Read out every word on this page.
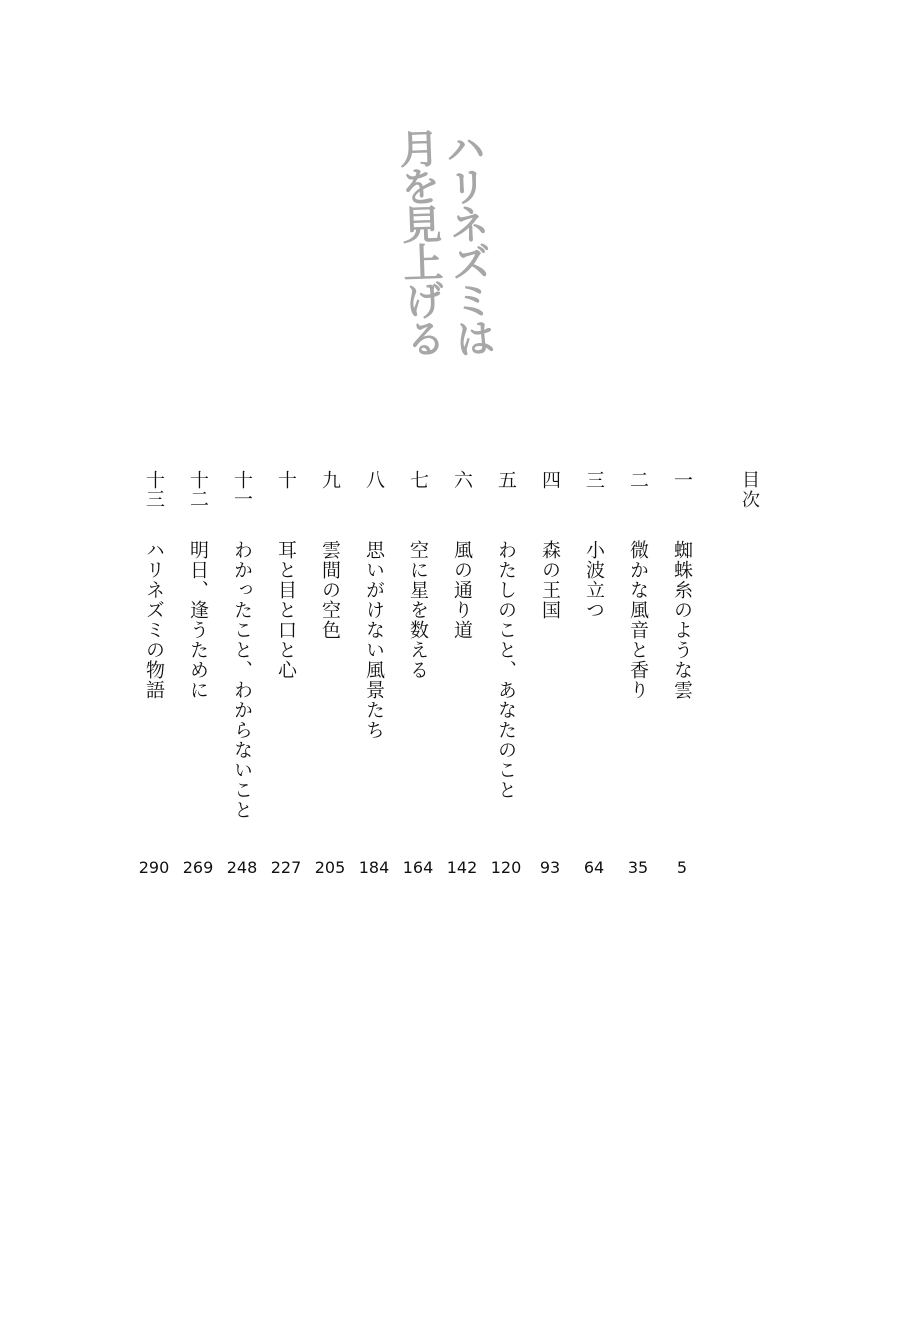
ハリネズミは
月を見上げる
目次
一
蜘蛛糸のような雲
5
二
微かな風音と香り
35
三
小波立つ
64
四
森の王国
93
五
わたしのこと、あなたのこと
120
六
風の通り道
142
七
空に星を数える
164
八
思いがけない風景たち
184
九
雲間の空色
205
十
耳と目と口と心
227
十一
わかったこと、わからないこと
248
十二
明日、逢うために
269
十三
ハリネズミの物語
290
